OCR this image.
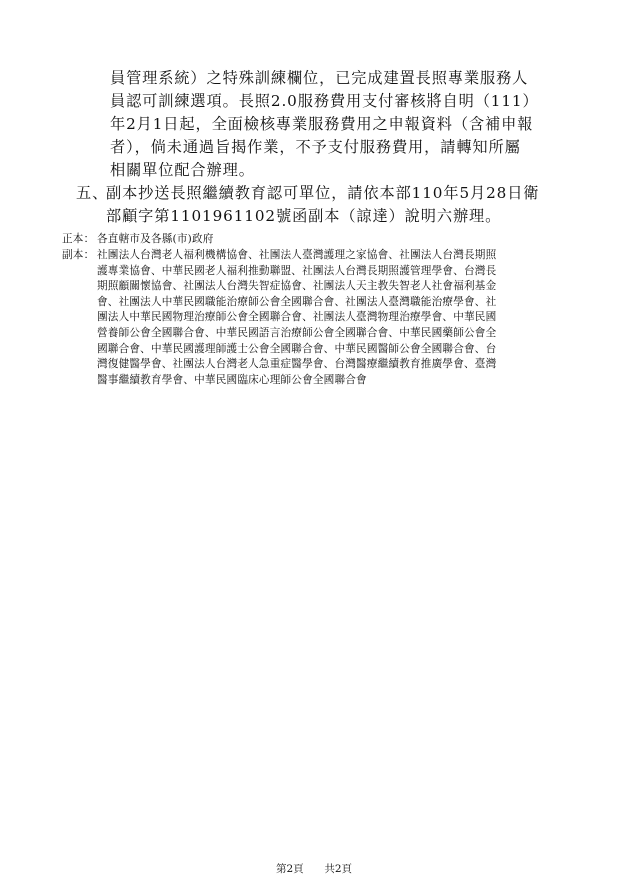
員管理系統）之特殊訓練欄位，已完成建置長照專業服務人
員認可訓練選項。長照2.0服務費用支付審核將自明（111）
年2月1日起，全面檢核專業服務費用之申報資料（含補申報
者），倘未通過旨揭作業，不予支付服務費用，請轉知所屬
相關單位配合辦理。
五、
副本抄送長照繼續教育認可單位，請依本部110年5月28日衛
部顧字第1101961102號函副本（諒達）說明六辦理。
正本： 各直轄市及各縣(市)政府
副本： 社團法人台灣老人福利機構協會、社團法人臺灣護理之家協會、社團法人台灣長期照
護專業協會、中華民國老人福利推動聯盟、社團法人台灣長期照護管理學會、台灣長
期照顧關懷協會、社團法人台灣失智症協會、社團法人天主教失智老人社會福利基金
會、社團法人中華民國職能治療師公會全國聯合會、社團法人臺灣職能治療學會、社
團法人中華民國物理治療師公會全國聯合會、社團法人臺灣物理治療學會、中華民國
營養師公會全國聯合會、中華民國語言治療師公會全國聯合會、中華民國藥師公會全
國聯合會、中華民國護理師護士公會全國聯合會、中華民國醫師公會全國聯合會、台
灣復健醫學會、社團法人台灣老人急重症醫學會、台灣醫療繼續教育推廣學會、臺灣
醫事繼續教育學會、中華民國臨床心理師公會全國聯合會
第2頁 共2頁
